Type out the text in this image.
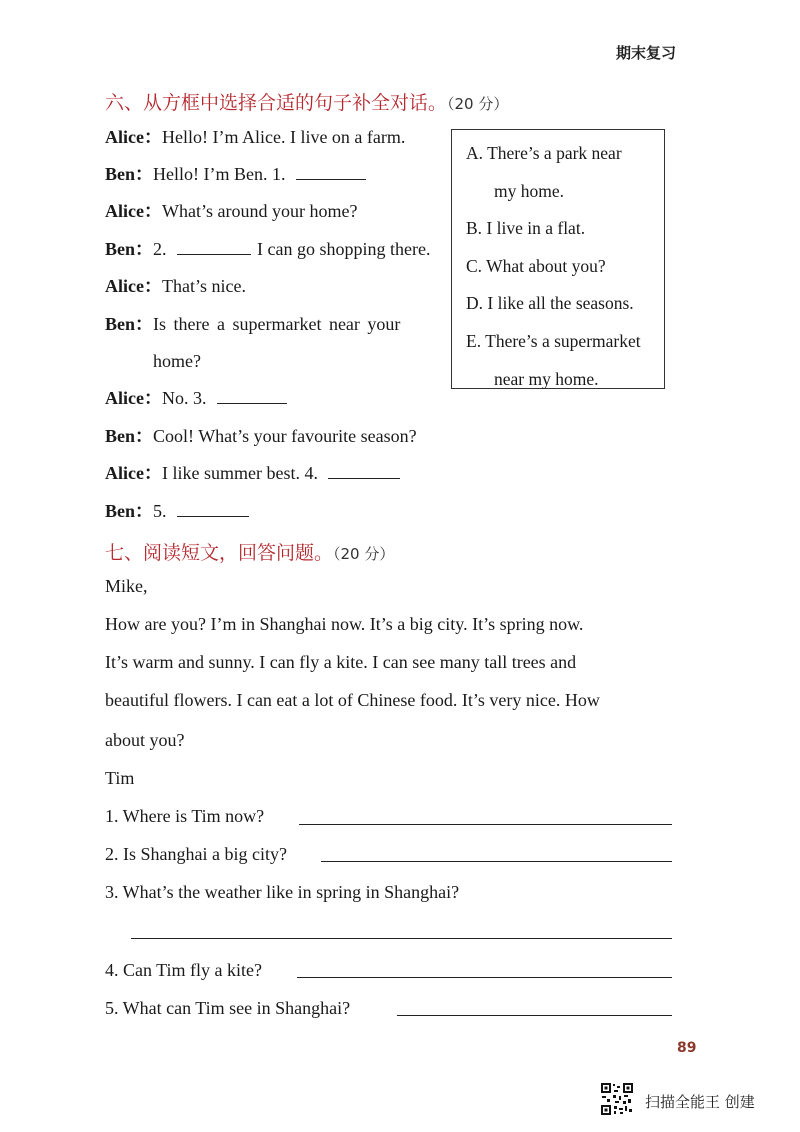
期末复习
六、从方框中选择合适的句子补全对话。（20 分）
Alice：Hello! I’m Alice. I live on a farm.
Ben：Hello! I’m Ben. 1.
Alice：What’s around your home?
Ben：2.	I can go shopping there.
Alice：That’s nice.
Ben：Is there a supermarket near your
home?
Alice：No. 3.
Ben：Cool! What’s your favourite season?
Alice：I like summer best. 4.
Ben：5.
A. There’s a park near
my home.
B. I live in a flat.
C. What about you?
D. I like all the seasons.
E. There’s a supermarket
near my home.
七、阅读短文，回答问题。（20 分）
Mike,
How are you? I’m in Shanghai now. It’s a big city. It’s spring now.
It’s warm and sunny. I can fly a kite. I can see many tall trees and
beautiful flowers. I can eat a lot of Chinese food. It’s very nice. How
about you?
Tim
1. Where is Tim now?
2. Is Shanghai a big city?
3. What’s the weather like in spring in Shanghai?
4. Can Tim fly a kite?
5. What can Tim see in Shanghai?
89
扫描全能王 创建
